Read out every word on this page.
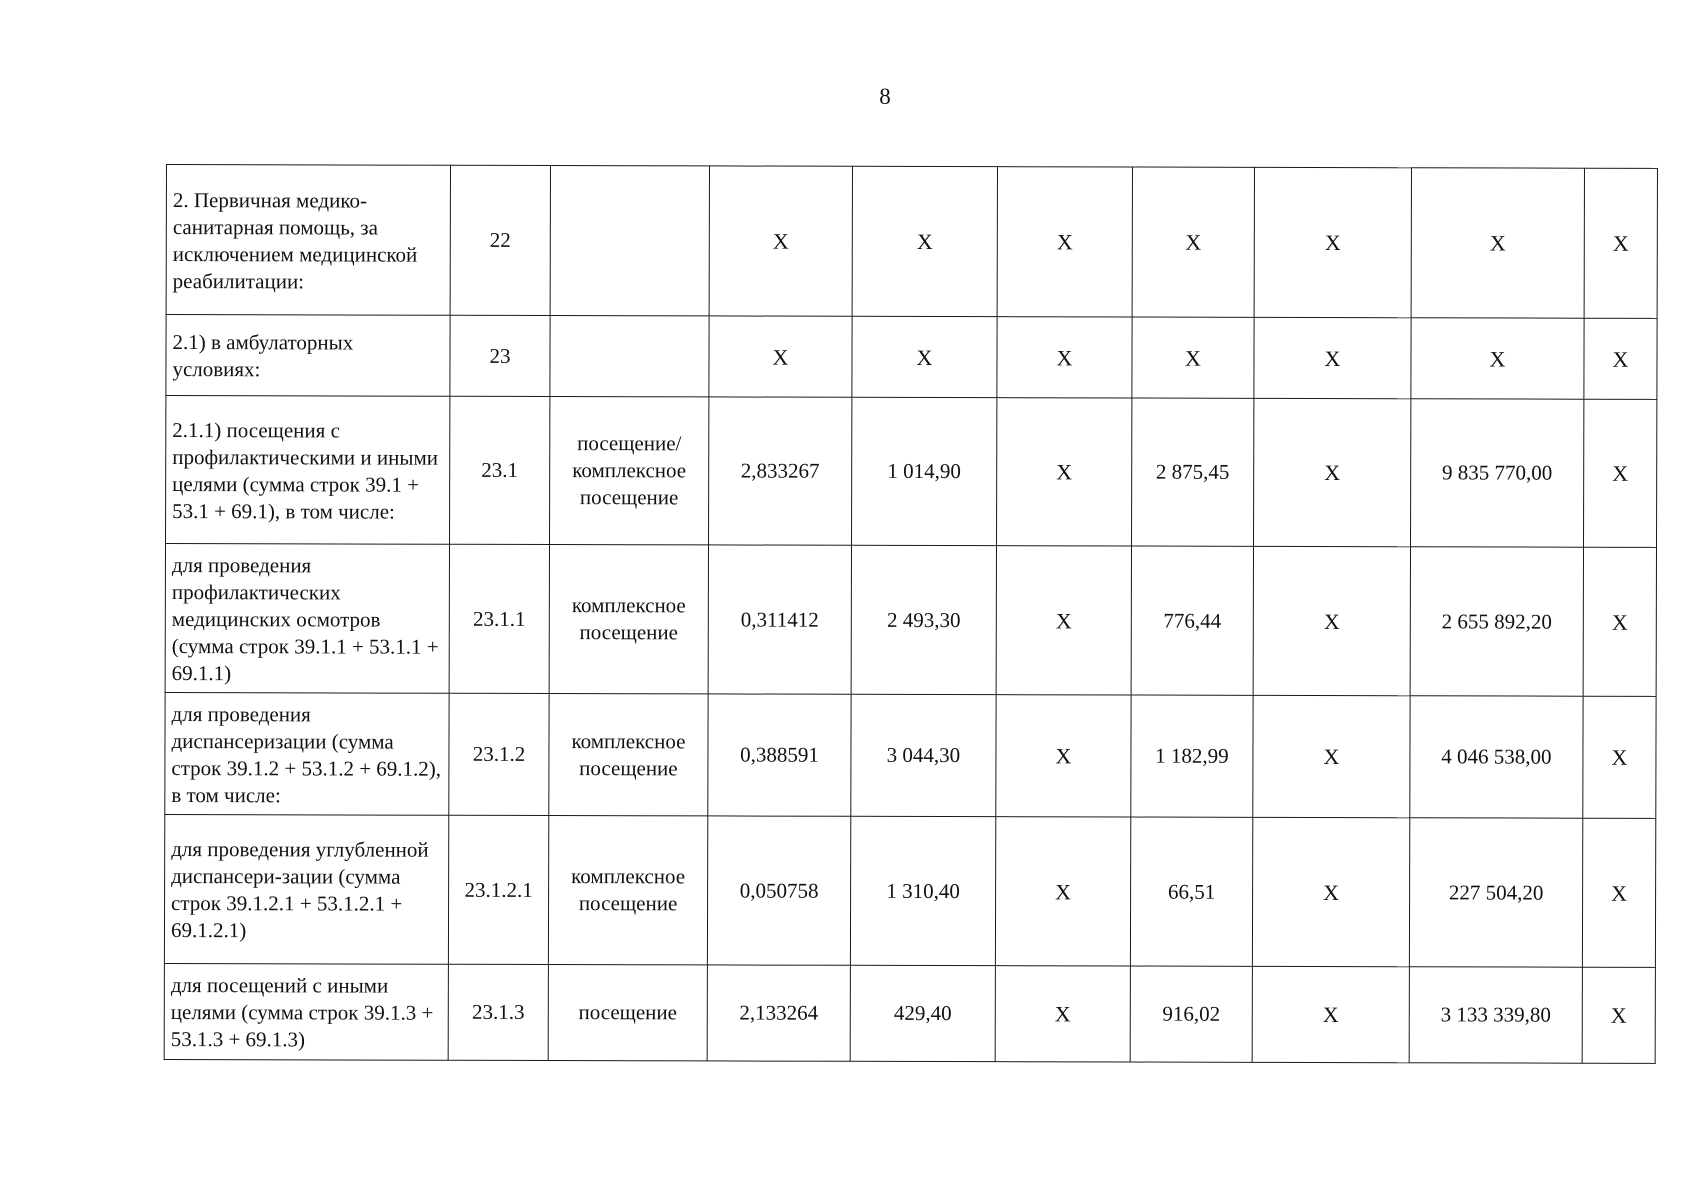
8
2. Первичная медико-санитарная помощь, за исключением медицинской реабилитации:	22		Х	Х	Х	Х	Х	Х	Х
2.1) в амбулаторных условиях:	23		Х	Х	Х	Х	Х	Х	Х
2.1.1) посещения с профилактическими и иными целями (сумма строк 39.1 + 53.1 + 69.1), в том числе:	23.1	посещение/ комплексное посещение	2,833267	1 014,90	Х	2 875,45	Х	9 835 770,00	Х
для проведения профилактических медицинских осмотров (сумма строк 39.1.1 + 53.1.1 + 69.1.1)	23.1.1	комплексное посещение	0,311412	2 493,30	Х	776,44	Х	2 655 892,20	Х
для проведения диспансеризации (сумма строк 39.1.2 + 53.1.2 + 69.1.2), в том числе:	23.1.2	комплексное посещение	0,388591	3 044,30	Х	1 182,99	Х	4 046 538,00	Х
для проведения углубленной диспансери-зации (сумма строк 39.1.2.1 + 53.1.2.1 + 69.1.2.1)	23.1.2.1	комплексное посещение	0,050758	1 310,40	Х	66,51	Х	227 504,20	Х
для посещений с иными целями (сумма строк 39.1.3 + 53.1.3 + 69.1.3)	23.1.3	посещение	2,133264	429,40	Х	916,02	Х	3 133 339,80	Х
